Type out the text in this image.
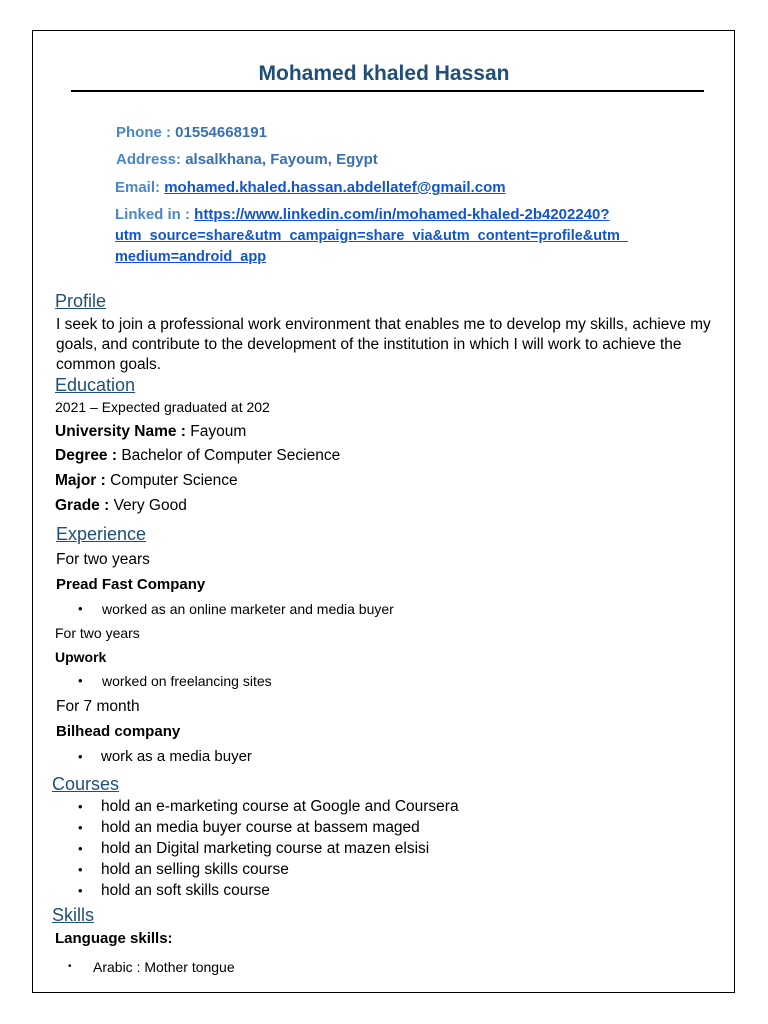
Mohamed khaled Hassan
Phone : 01554668191
Address: alsalkhana, Fayoum, Egypt
Email: mohamed.khaled.hassan.abdellatef@gmail.com
Linked in : https://www.linkedin.com/in/mohamed-khaled-2b4202240?
utm_source=share&utm_campaign=share_via&utm_content=profile&utm_
medium=android_app
Profile
I seek to join a professional work environment that enables me to develop my skills, achieve my goals, and contribute to the development of the institution in which I will work to achieve the common goals.
Education
2021 – Expected graduated at 202
University Name : Fayoum
Degree : Bachelor of Computer Secience
Major : Computer Science
Grade : Very Good
Experience
For two years
Pread Fast Company
• worked as an online marketer and media buyer
For two years
Upwork
• worked on freelancing sites
For 7 month
Bilhead company
• work as a media buyer
Courses
• hold an e-marketing course at Google and Coursera
• hold an media buyer course at bassem maged
• hold an Digital marketing course at mazen elsisi
• hold an selling skills course
• hold an soft skills course
Skills
Language skills:
• Arabic : Mother tongue
